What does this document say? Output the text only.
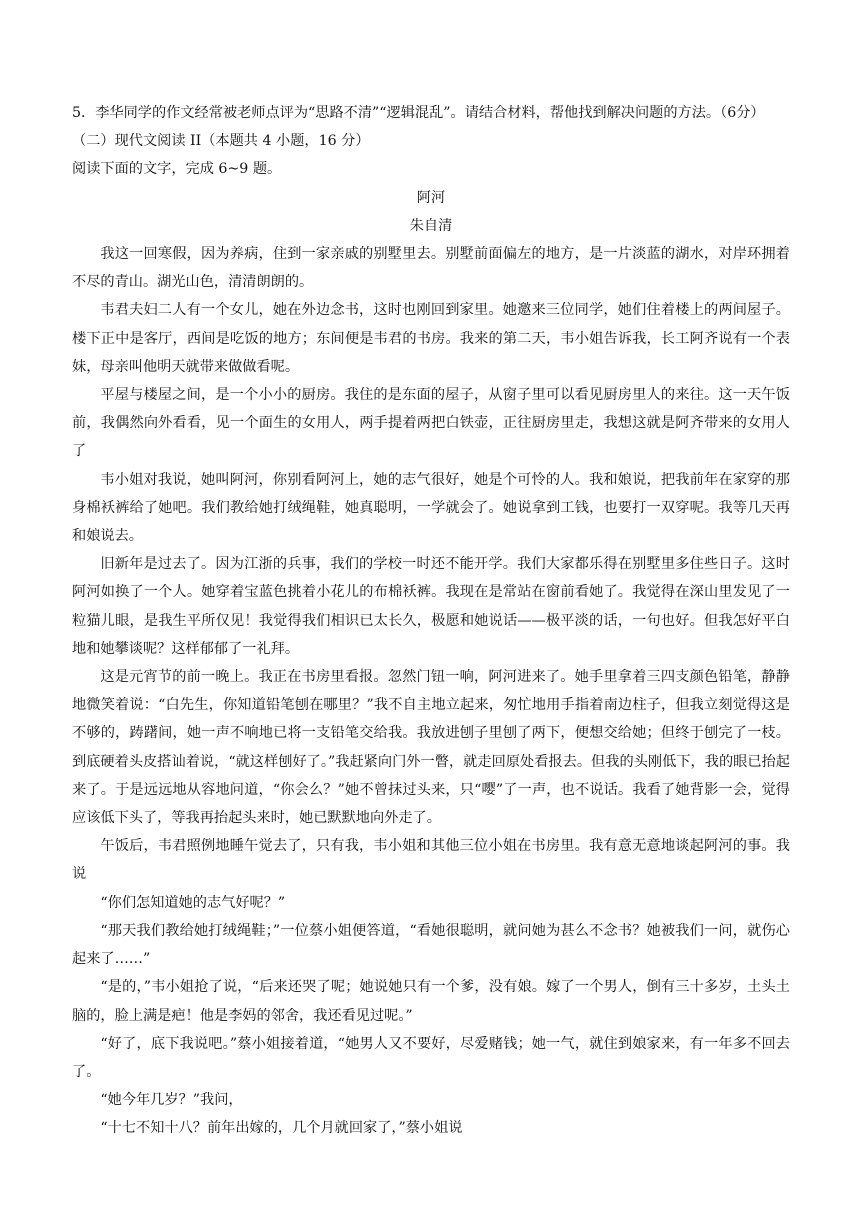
5．李华同学的作文经常被老师点评为“思路不清”“逻辑混乱”。请结合材料，帮他找到解决问题的方法。（6分）

（二）现代文阅读 II（本题共 4 小题，16 分）

阅读下面的文字，完成 6~9 题。

阿河

朱自清

我这一回寒假，因为养病，住到一家亲戚的别墅里去。别墅前面偏左的地方，是一片淡蓝的湖水，对岸环拥着不尽的青山。湖光山色，清清朗朗的。

韦君夫妇二人有一个女儿，她在外边念书，这时也刚回到家里。她邀来三位同学，她们住着楼上的两间屋子。楼下正中是客厅，西间是吃饭的地方；东间便是韦君的书房。我来的第二天，韦小姐告诉我，长工阿齐说有一个表妹，母亲叫他明天就带来做做看呢。

平屋与楼屋之间，是一个小小的厨房。我住的是东面的屋子，从窗子里可以看见厨房里人的来往。这一天午饭前，我偶然向外看看，见一个面生的女用人，两手提着两把白铁壶，正往厨房里走，我想这就是阿齐带来的女用人了

韦小姐对我说，她叫阿河，你别看阿河上，她的志气很好，她是个可怜的人。我和娘说，把我前年在家穿的那身棉袄裤给了她吧。我们教给她打绒绳鞋，她真聪明，一学就会了。她说拿到工钱，也要打一双穿呢。我等几天再和娘说去。

旧新年是过去了。因为江浙的兵事，我们的学校一时还不能开学。我们大家都乐得在别墅里多住些日子。这时阿河如换了一个人。她穿着宝蓝色挑着小花儿的布棉袄裤。我现在是常站在窗前看她了。我觉得在深山里发见了一粒猫儿眼，是我生平所仅见！我觉得我们相识已太长久，极愿和她说话——极平淡的话，一句也好。但我怎好平白地和她攀谈呢？这样郁郁了一礼拜。

这是元宵节的前一晚上。我正在书房里看报。忽然门钮一响，阿河进来了。她手里拿着三四支颜色铅笔，静静地微笑着说：“白先生，你知道铅笔刨在哪里？”我不自主地立起来，匆忙地用手指着南边柱子，但我立刻觉得这是不够的，踌躇间，她一声不响地已将一支铅笔交给我。我放进刨子里刨了两下，便想交给她；但终于刨完了一枝。到底硬着头皮搭讪着说，“就这样刨好了。”我赶紧向门外一瞥，就走回原处看报去。但我的头刚低下，我的眼已抬起来了。于是远远地从容地问道，“你会么？”她不曾抹过头来，只“嘤”了一声，也不说话。我看了她背影一会，觉得应该低下头了，等我再抬起头来时，她已默默地向外走了。

午饭后，韦君照例地睡午觉去了，只有我，韦小姐和其他三位小姐在书房里。我有意无意地谈起阿河的事。我说

“你们怎知道她的志气好呢？”

“那天我们教给她打绒绳鞋；”一位蔡小姐便答道，“看她很聪明，就问她为甚么不念书？她被我们一问，就伤心起来了……”

“是的，”韦小姐抢了说，“后来还哭了呢；她说她只有一个爹，没有娘。嫁了一个男人，倒有三十多岁，土头土脑的，脸上满是疤！他是李妈的邻舍，我还看见过呢。”

“好了，底下我说吧。”蔡小姐接着道，“她男人又不要好，尽爱赌钱；她一气，就住到娘家来，有一年多不回去了。

“她今年几岁？”我问，

“十七不知十八？前年出嫁的，几个月就回家了，”蔡小姐说
